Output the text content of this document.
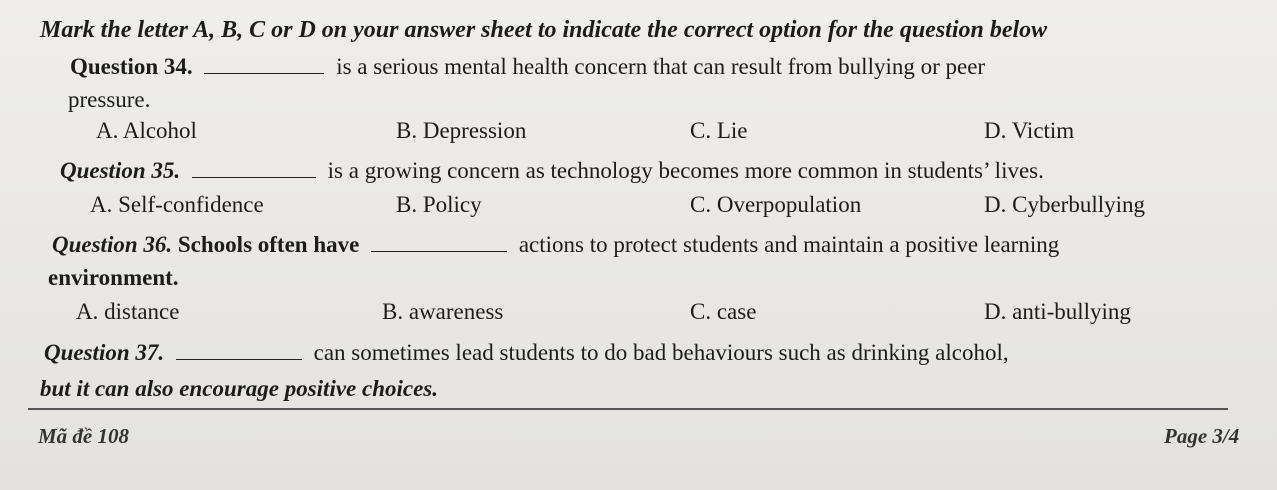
Mark the letter A, B, C or D on your answer sheet to indicate the correct option for the question below
Question 34.	is a serious mental health concern that can result from bullying or peer
pressure.
A. Alcohol	B. Depression	C. Lie	D. Victim
Question 35.	is a growing concern as technology becomes more common in students’ lives.
A. Self-confidence	B. Policy	C. Overpopulation	D. Cyberbullying
Question 36. Schools often have	actions to protect students and maintain a positive learning
environment.
A. distance	B. awareness	C. case	D. anti-bullying
Question 37.	can sometimes lead students to do bad behaviours such as drinking alcohol,
but it can also encourage positive choices.
Mã đề 108	Page 3/4
